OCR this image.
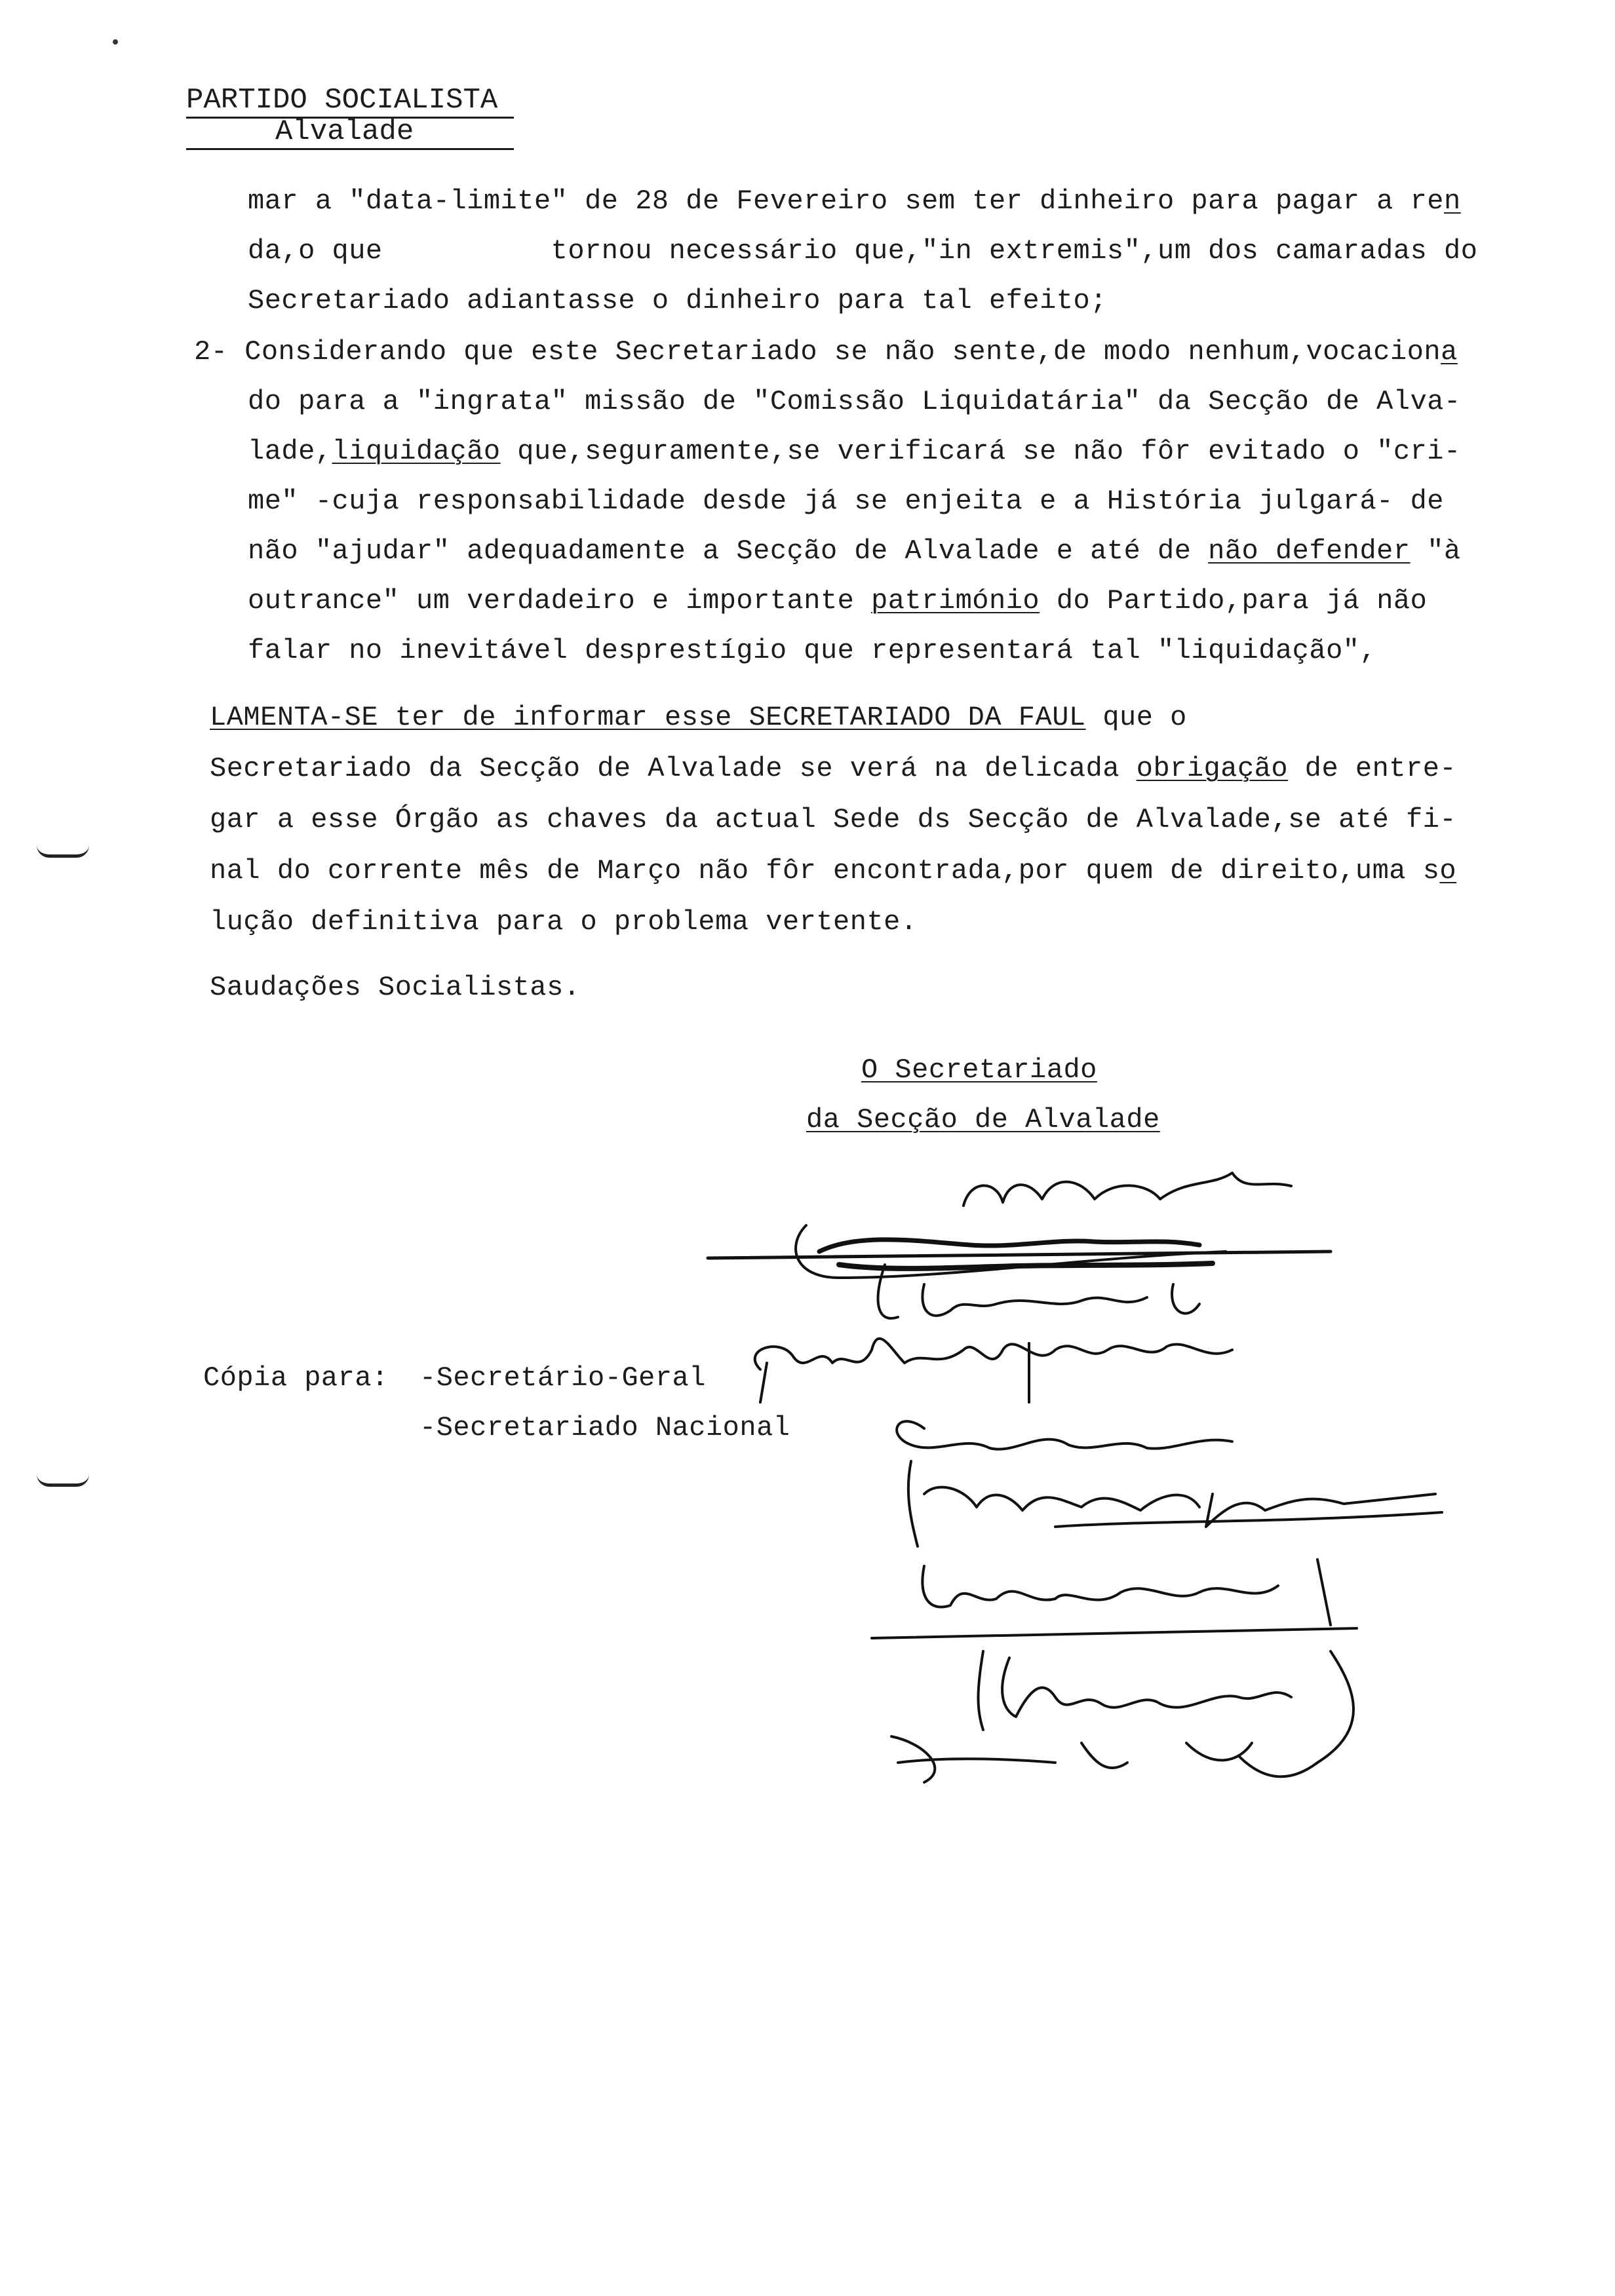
PARTIDO SOCIALISTA
Alvalade
mar a "data-limite" de 28 de Fevereiro sem ter dinheiro para pagar a ren
da,o que          tornou necessário que,"in extremis",um dos camaradas do
Secretariado adiantasse o dinheiro para tal efeito;
2- Considerando que este Secretariado se não sente,de modo nenhum,vocaciona
do para a "ingrata" missão de "Comissão Liquidatária" da Secção de Alva-
lade,liquidação que,seguramente,se verificará se não fôr evitado o "cri-
me" -cuja responsabilidade desde já se enjeita e a História julgará- de
não "ajudar" adequadamente a Secção de Alvalade e até de não defender "à
outrance" um verdadeiro e importante património do Partido,para já não
falar no inevitável desprestígio que representará tal "liquidação",
LAMENTA-SE ter de informar esse SECRETARIADO DA FAUL que o
Secretariado da Secção de Alvalade se verá na delicada obrigação de entre-
gar a esse Órgão as chaves da actual Sede ds Secção de Alvalade,se até fi-
nal do corrente mês de Março não fôr encontrada,por quem de direito,uma so
lução definitiva para o problema vertente.
Saudações Socialistas.
O Secretariado
da Secção de Alvalade
Cópia para: -Secretário-Geral
-Secretariado Nacional
